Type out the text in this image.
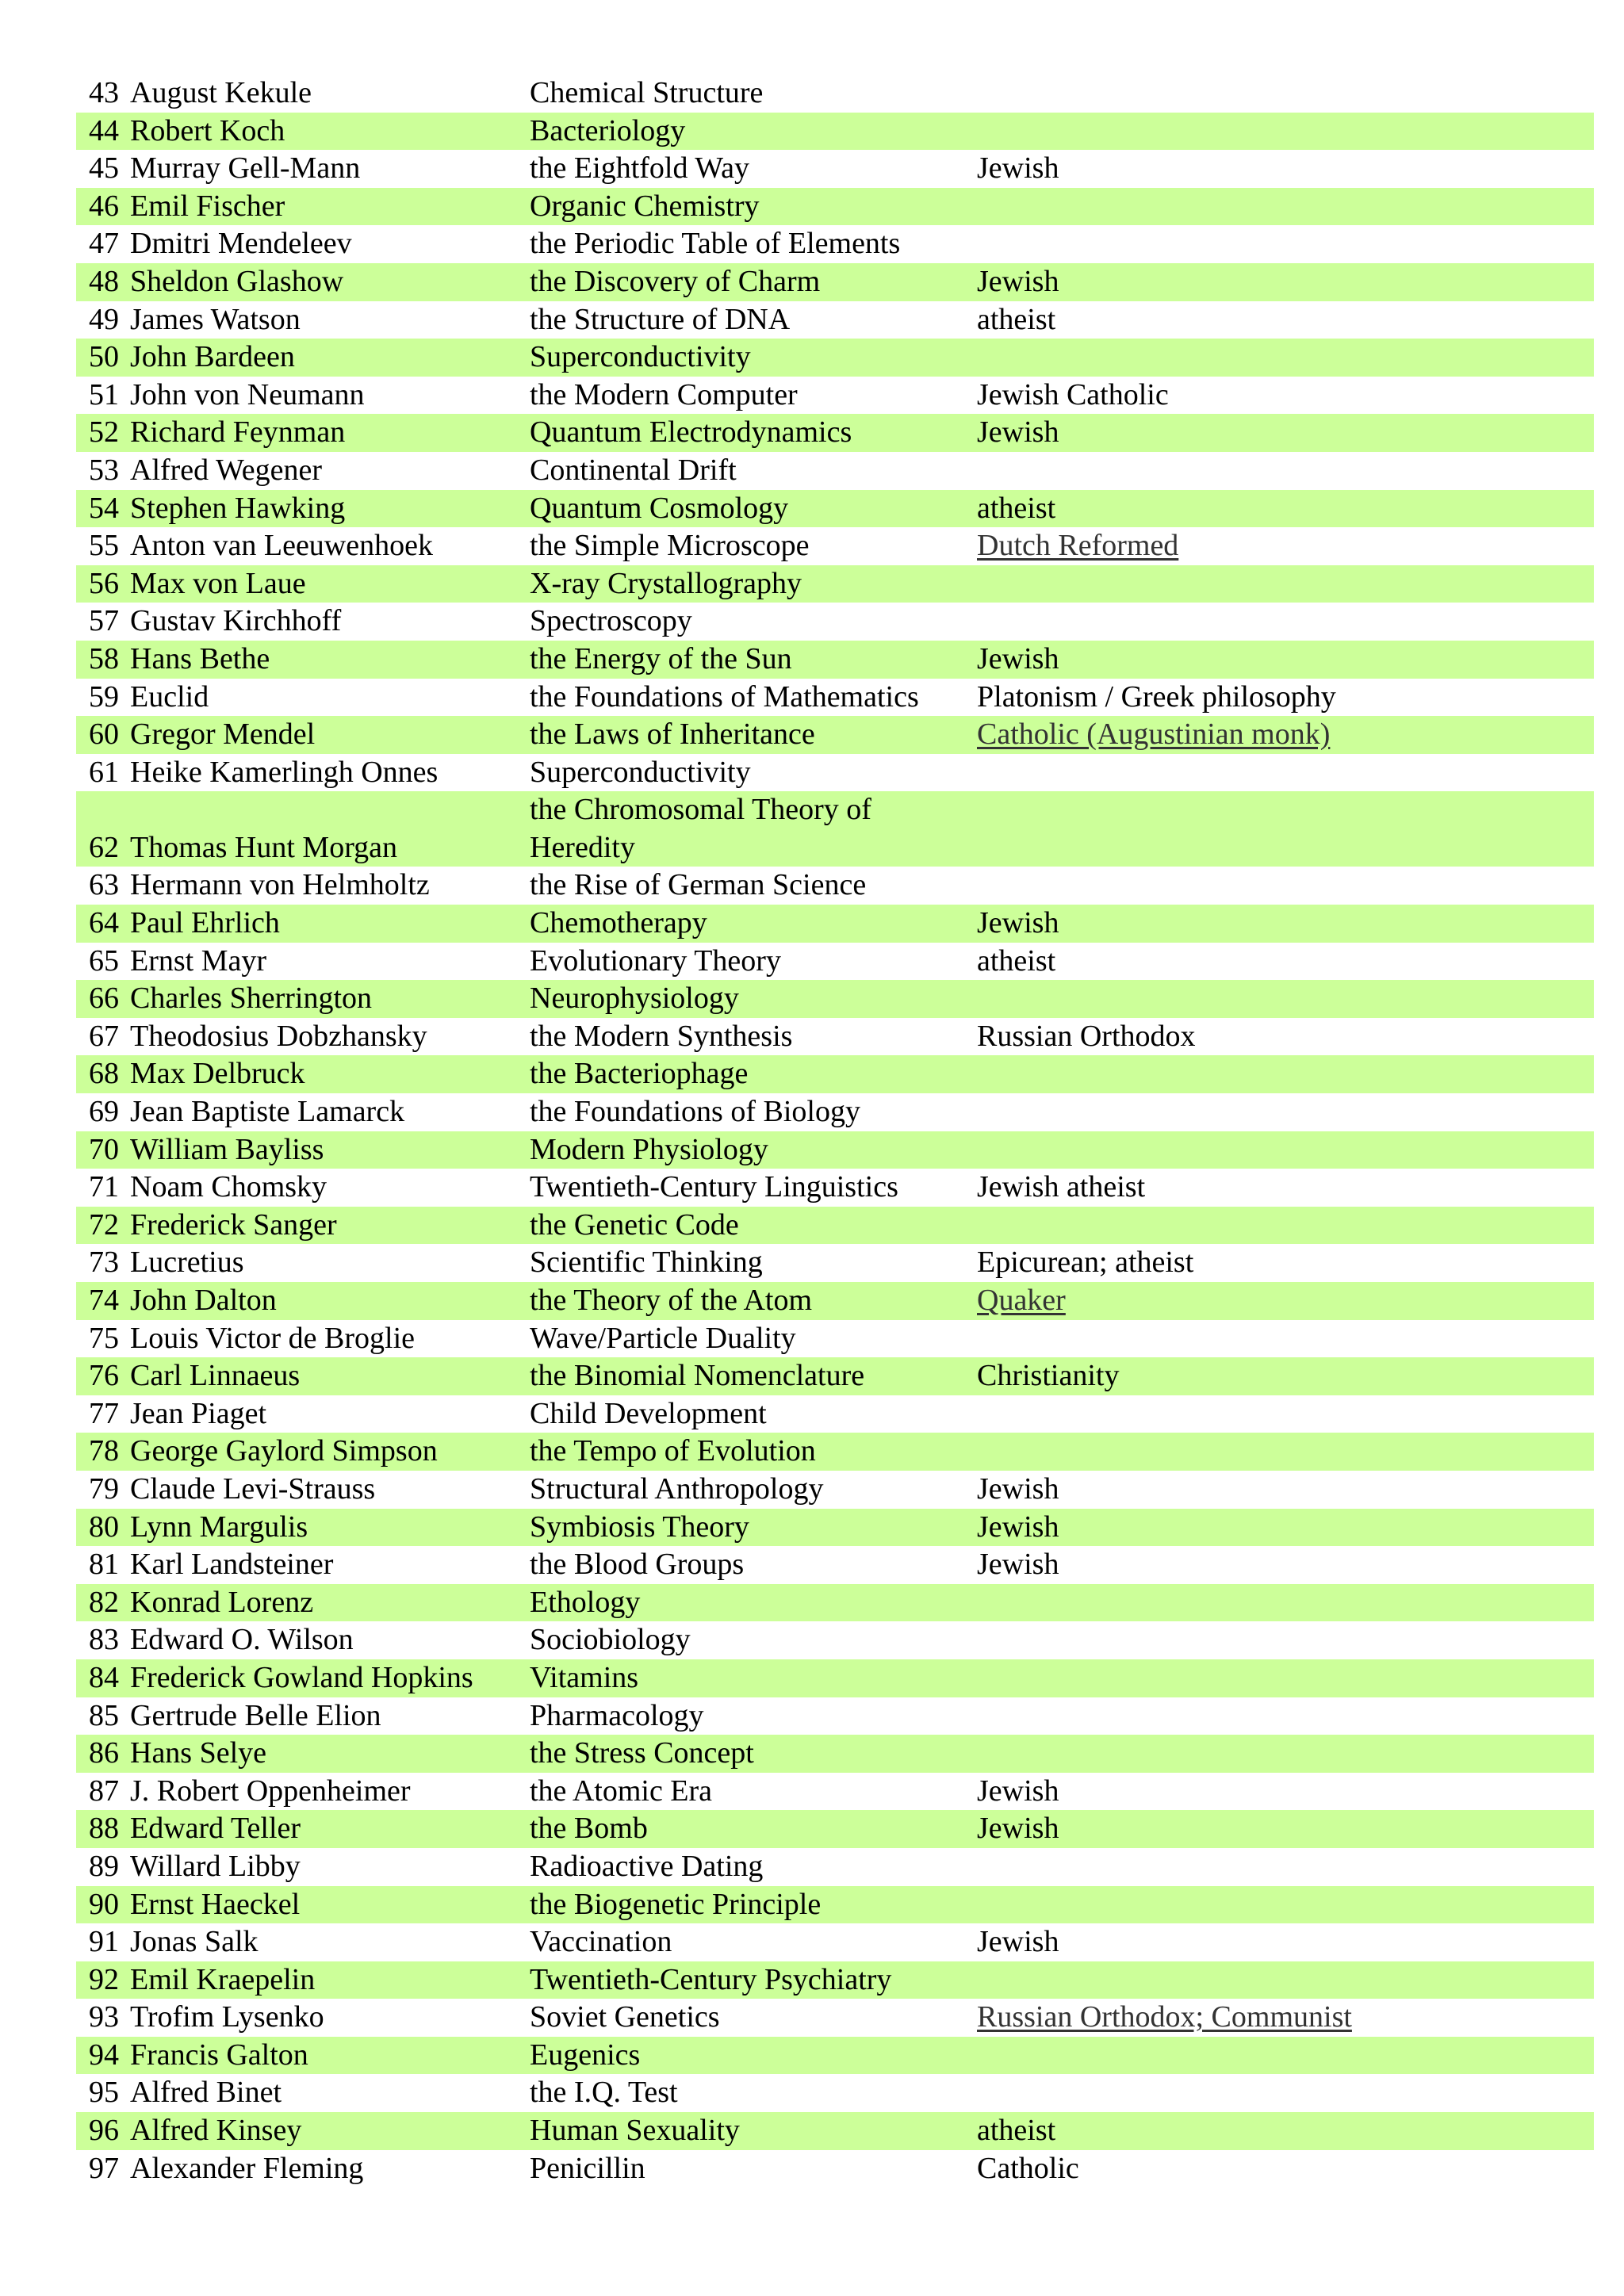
43	August Kekule	Chemical Structure	
44	Robert Koch	Bacteriology	
45	Murray Gell-Mann	the Eightfold Way	Jewish
46	Emil Fischer	Organic Chemistry	
47	Dmitri Mendeleev	the Periodic Table of Elements	
48	Sheldon Glashow	the Discovery of Charm	Jewish
49	James Watson	the Structure of DNA	atheist
50	John Bardeen	Superconductivity	
51	John von Neumann	the Modern Computer	Jewish Catholic
52	Richard Feynman	Quantum Electrodynamics	Jewish
53	Alfred Wegener	Continental Drift	
54	Stephen Hawking	Quantum Cosmology	atheist
55	Anton van Leeuwenhoek	the Simple Microscope	Dutch Reformed
56	Max von Laue	X-ray Crystallography	
57	Gustav Kirchhoff	Spectroscopy	
58	Hans Bethe	the Energy of the Sun	Jewish
59	Euclid	the Foundations of Mathematics	Platonism / Greek philosophy
60	Gregor Mendel	the Laws of Inheritance	Catholic (Augustinian monk)
61	Heike Kamerlingh Onnes	Superconductivity	
62	Thomas Hunt Morgan	the Chromosomal Theory of Heredity	
63	Hermann von Helmholtz	the Rise of German Science	
64	Paul Ehrlich	Chemotherapy	Jewish
65	Ernst Mayr	Evolutionary Theory	atheist
66	Charles Sherrington	Neurophysiology	
67	Theodosius Dobzhansky	the Modern Synthesis	Russian Orthodox
68	Max Delbruck	the Bacteriophage	
69	Jean Baptiste Lamarck	the Foundations of Biology	
70	William Bayliss	Modern Physiology	
71	Noam Chomsky	Twentieth-Century Linguistics	Jewish atheist
72	Frederick Sanger	the Genetic Code	
73	Lucretius	Scientific Thinking	Epicurean; atheist
74	John Dalton	the Theory of the Atom	Quaker
75	Louis Victor de Broglie	Wave/Particle Duality	
76	Carl Linnaeus	the Binomial Nomenclature	Christianity
77	Jean Piaget	Child Development	
78	George Gaylord Simpson	the Tempo of Evolution	
79	Claude Levi-Strauss	Structural Anthropology	Jewish
80	Lynn Margulis	Symbiosis Theory	Jewish
81	Karl Landsteiner	the Blood Groups	Jewish
82	Konrad Lorenz	Ethology	
83	Edward O. Wilson	Sociobiology	
84	Frederick Gowland Hopkins	Vitamins	
85	Gertrude Belle Elion	Pharmacology	
86	Hans Selye	the Stress Concept	
87	J. Robert Oppenheimer	the Atomic Era	Jewish
88	Edward Teller	the Bomb	Jewish
89	Willard Libby	Radioactive Dating	
90	Ernst Haeckel	the Biogenetic Principle	
91	Jonas Salk	Vaccination	Jewish
92	Emil Kraepelin	Twentieth-Century Psychiatry	
93	Trofim Lysenko	Soviet Genetics	Russian Orthodox; Communist
94	Francis Galton	Eugenics	
95	Alfred Binet	the I.Q. Test	
96	Alfred Kinsey	Human Sexuality	atheist
97	Alexander Fleming	Penicillin	Catholic
